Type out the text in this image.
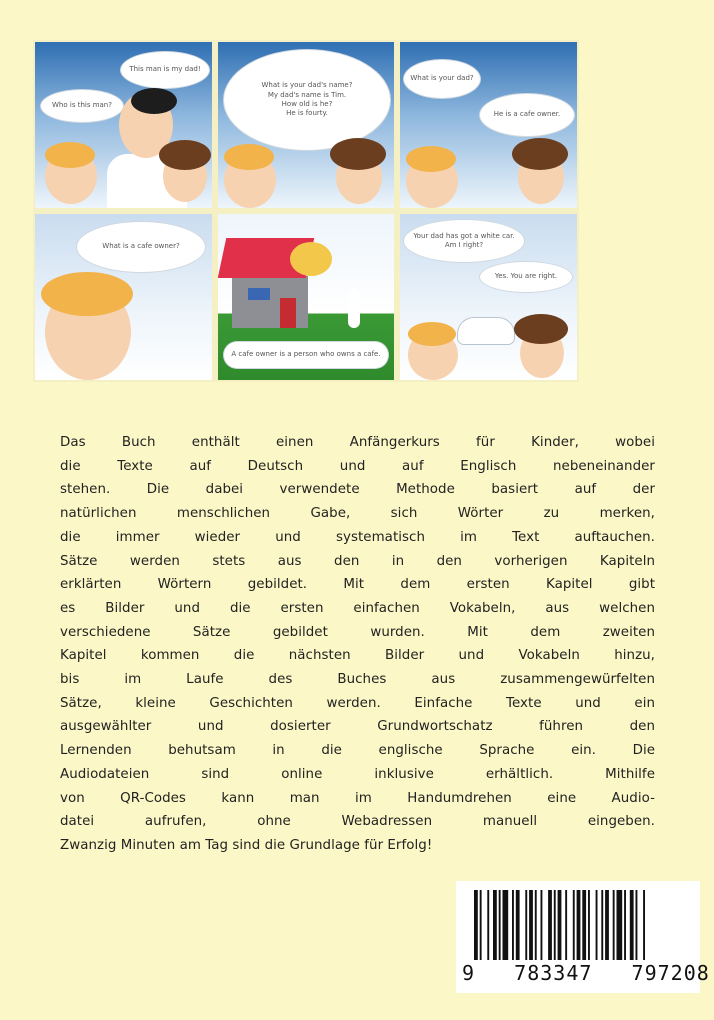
This man is my dad!
Who is this man?
What is your dad's name?
My dad's name is Tim.
How old is he?
He is fourty.
What is your dad?
He is a cafe owner.
What is a cafe owner?
A cafe owner is a person who owns a cafe.
Your dad has got a white car.
Am I right?
Yes. You are right.
Das Buch enthält einen Anfängerkurs für Kinder, wobei
die Texte auf Deutsch und auf Englisch nebeneinander
stehen. Die dabei verwendete Methode basiert auf der
natürlichen menschlichen Gabe, sich Wörter zu merken,
die immer wieder und systematisch im Text auftauchen.
Sätze werden stets aus den in den vorherigen Kapiteln
erklärten Wörtern gebildet. Mit dem ersten Kapitel gibt
es Bilder und die ersten einfachen Vokabeln, aus welchen
verschiedene Sätze gebildet wurden. Mit dem zweiten
Kapitel kommen die nächsten Bilder und Vokabeln hinzu,
bis im Laufe des Buches aus zusammengewürfelten
Sätze, kleine Geschichten werden. Einfache Texte und ein
ausgewählter und dosierter Grundwortschatz führen den
Lernenden behutsam in die englische Sprache ein. Die
Audiodateien sind online inklusive erhältlich. Mithilfe
von QR-Codes kann man im Handumdrehen eine Audio-
datei aufrufen, ohne Webadressen manuell eingeben.
Zwanzig Minuten am Tag sind die Grundlage für Erfolg!
9   783347   797208
